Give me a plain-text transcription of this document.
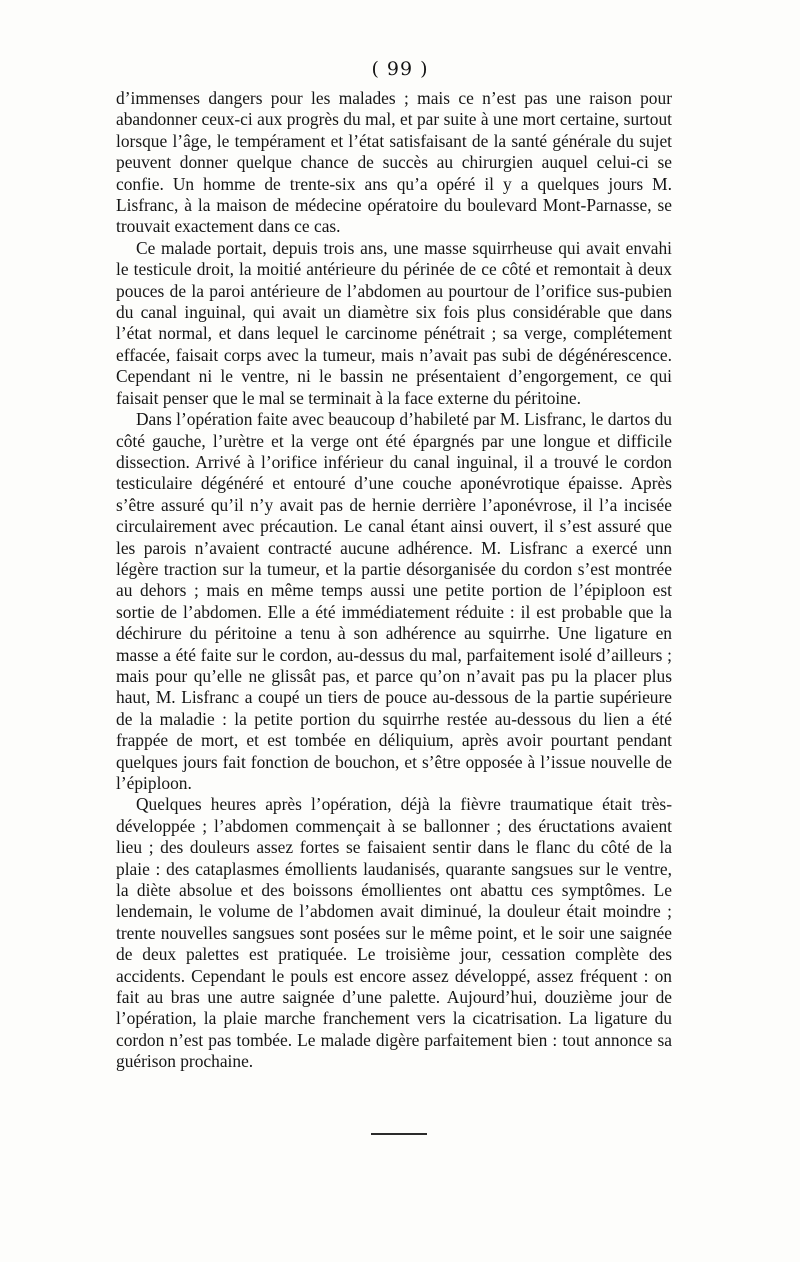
( 99 )

d’immenses dangers pour les malades ; mais ce n’est pas une raison pour abandonner ceux-ci aux progrès du mal, et par suite à une mort certaine, surtout lorsque l’âge, le tempérament et l’état satisfaisant de la santé générale du sujet peuvent donner quelque chance de succès au chirurgien auquel celui-ci se confie. Un homme de trente-six ans qu’a opéré il y a quelques jours M. Lisfranc, à la maison de médecine opératoire du boulevard Mont-Parnasse, se trouvait exactement dans ce cas.

Ce malade portait, depuis trois ans, une masse squirrheuse qui avait envahi le testicule droit, la moitié antérieure du périnée de ce côté et remontait à deux pouces de la paroi antérieure de l’abdomen au pourtour de l’orifice sus-pubien du canal inguinal, qui avait un diamètre six fois plus considérable que dans l’état normal, et dans lequel le carcinome pénétrait ; sa verge, complétement effacée, faisait corps avec la tumeur, mais n’avait pas subi de dégénérescence. Cependant ni le ventre, ni le bassin ne présentaient d’engorgement, ce qui faisait penser que le mal se terminait à la face externe du péritoine.

Dans l’opération faite avec beaucoup d’habileté par M. Lisfranc, le dartos du côté gauche, l’urètre et la verge ont été épargnés par une longue et difficile dissection. Arrivé à l’orifice inférieur du canal inguinal, il a trouvé le cordon testiculaire dégénéré et entouré d’une couche aponévrotique épaisse. Après s’être assuré qu’il n’y avait pas de hernie derrière l’aponévrose, il l’a incisée circulairement avec précaution. Le canal étant ainsi ouvert, il s’est assuré que les parois n’avaient contracté aucune adhérence. M. Lisfranc a exercé unn légère traction sur la tumeur, et la partie désorganisée du cordon s’est montrée au dehors ; mais en même temps aussi une petite portion de l’épiploon est sortie de l’abdomen. Elle a été immédiatement réduite : il est probable que la déchirure du péritoine a tenu à son adhérence au squirrhe. Une ligature en masse a été faite sur le cordon, au-dessus du mal, parfaitement isolé d’ailleurs ; mais pour qu’elle ne glissât pas, et parce qu’on n’avait pas pu la placer plus haut, M. Lisfranc a coupé un tiers de pouce au-dessous de la partie supérieure de la maladie : la petite portion du squirrhe restée au-dessous du lien a été frappée de mort, et est tombée en déliquium, après avoir pourtant pendant quelques jours fait fonction de bouchon, et s’être opposée à l’issue nouvelle de l’épiploon.

Quelques heures après l’opération, déjà la fièvre traumatique était très-développée ; l’abdomen commençait à se ballonner ; des éructations avaient lieu ; des douleurs assez fortes se faisaient sentir dans le flanc du côté de la plaie : des cataplasmes émollients laudanisés, quarante sangsues sur le ventre, la diète absolue et des boissons émollientes ont abattu ces symptômes. Le lendemain, le volume de l’abdomen avait diminué, la douleur était moindre ; trente nouvelles sangsues sont posées sur le même point, et le soir une saignée de deux palettes est pratiquée. Le troisième jour, cessation complète des accidents. Cependant le pouls est encore assez développé, assez fréquent : on fait au bras une autre saignée d’une palette. Aujourd’hui, douzième jour de l’opération, la plaie marche franchement vers la cicatrisation. La ligature du cordon n’est pas tombée. Le malade digère parfaitement bien : tout annonce sa guérison prochaine.
